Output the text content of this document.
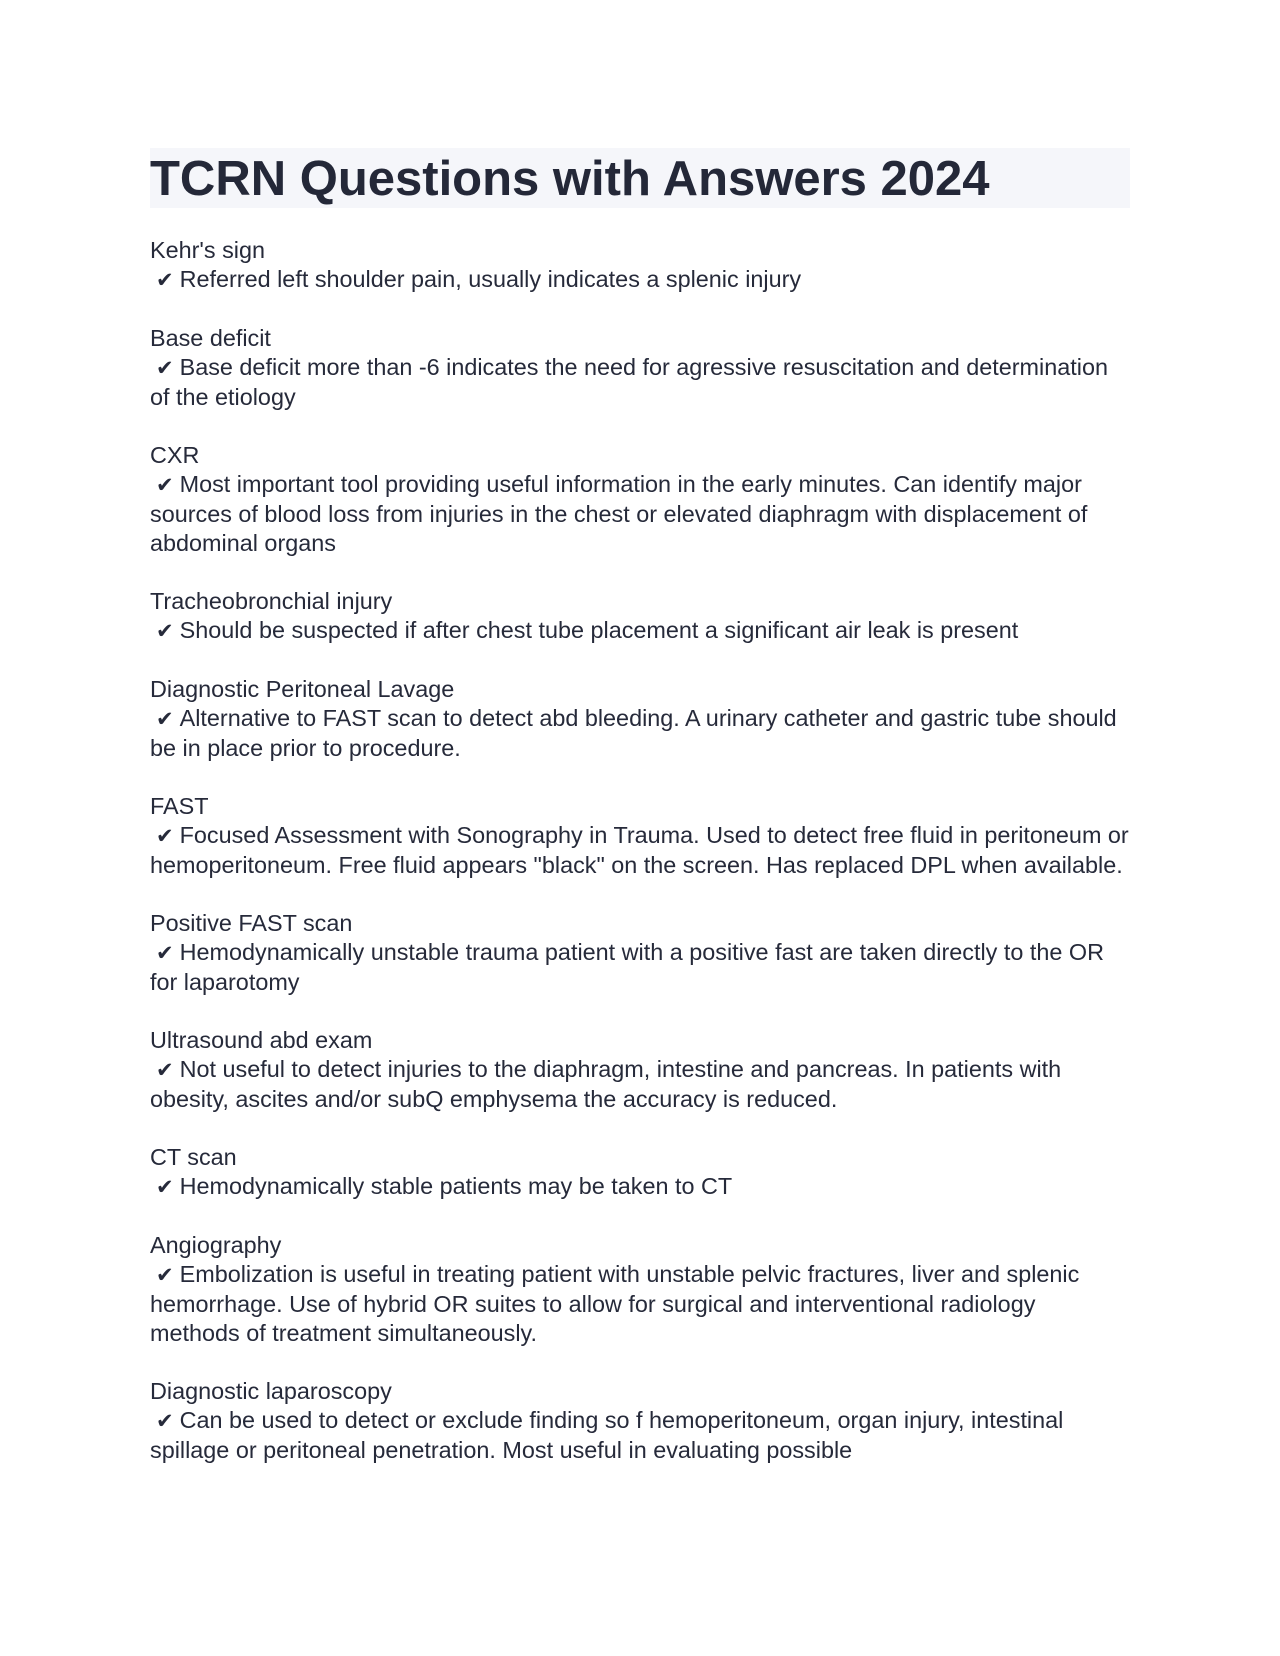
TCRN Questions with Answers 2024
Kehr's sign
✔ Referred left shoulder pain, usually indicates a splenic injury
Base deficit
✔ Base deficit more than -6 indicates the need for agressive resuscitation and determination of the etiology
CXR
✔ Most important tool providing useful information in the early minutes. Can identify major sources of blood loss from injuries in the chest or elevated diaphragm with displacement of abdominal organs
Tracheobronchial injury
✔ Should be suspected if after chest tube placement a significant air leak is present
Diagnostic Peritoneal Lavage
✔ Alternative to FAST scan to detect abd bleeding. A urinary catheter and gastric tube should be in place prior to procedure.
FAST
✔ Focused Assessment with Sonography in Trauma. Used to detect free fluid in peritoneum or hemoperitoneum. Free fluid appears "black" on the screen. Has replaced DPL when available.
Positive FAST scan
✔ Hemodynamically unstable trauma patient with a positive fast are taken directly to the OR for laparotomy
Ultrasound abd exam
✔ Not useful to detect injuries to the diaphragm, intestine and pancreas. In patients with obesity, ascites and/or subQ emphysema the accuracy is reduced.
CT scan
✔ Hemodynamically stable patients may be taken to CT
Angiography
✔ Embolization is useful in treating patient with unstable pelvic fractures, liver and splenic hemorrhage. Use of hybrid OR suites to allow for surgical and interventional radiology methods of treatment simultaneously.
Diagnostic laparoscopy
✔ Can be used to detect or exclude finding so f hemoperitoneum, organ injury, intestinal spillage or peritoneal penetration. Most useful in evaluating possible
